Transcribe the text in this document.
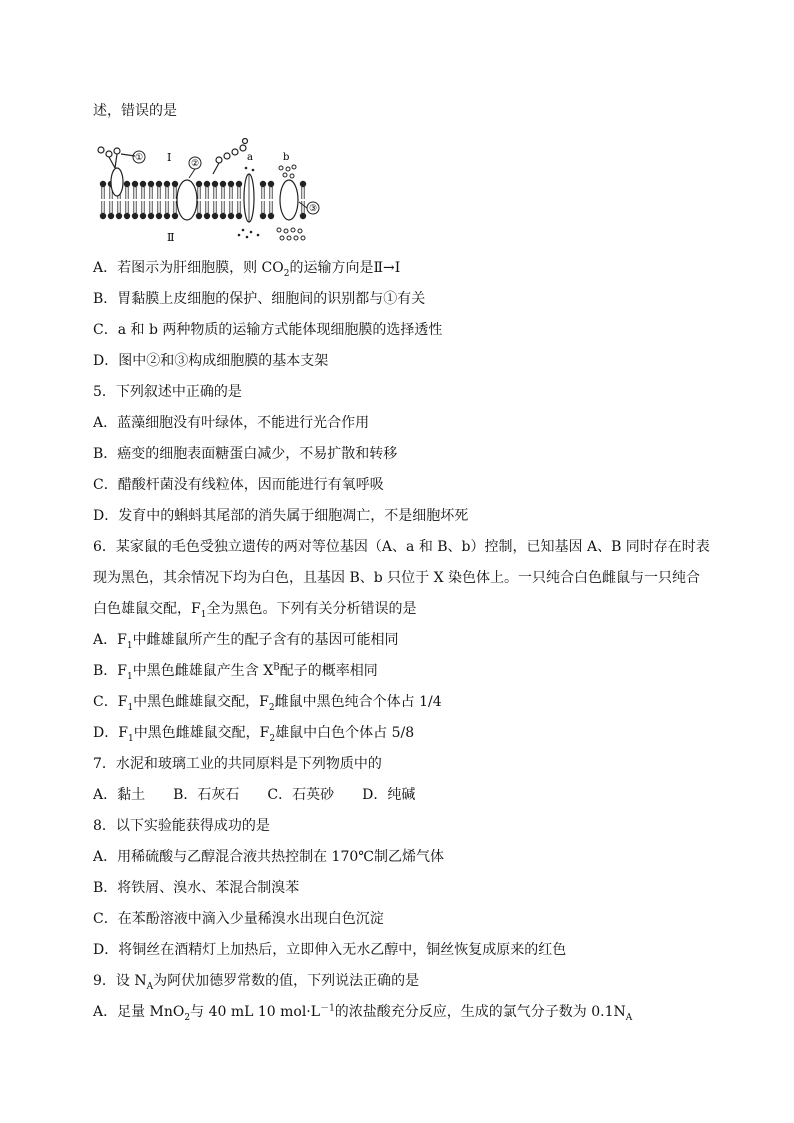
述，错误的是
① Ⅰ
Ⅱ
②
a	b
③
A．若图示为肝细胞膜，则 $CO_2$的运输方向是Ⅱ→Ⅰ
B．胃黏膜上皮细胞的保护、细胞间的识别都与①有关
C．a 和 b 两种物质的运输方式能体现细胞膜的选择透性
D．图中②和③构成细胞膜的基本支架
5．下列叙述中正确的是
A．蓝藻细胞没有叶绿体，不能进行光合作用
B．癌变的细胞表面糖蛋白减少，不易扩散和转移
C．醋酸杆菌没有线粒体，因而能进行有氧呼吸
D．发育中的蝌蚪其尾部的消失属于细胞凋亡，不是细胞坏死
6．某家鼠的毛色受独立遗传的两对等位基因（A、a 和 B、b）控制，已知基因 A、B 同时存在时表
现为黑色，其余情况下均为白色，且基因 B、b 只位于 X 染色体上。一只纯合白色雌鼠与一只纯合
白色雄鼠交配，$F_1$全为黑色。下列有关分析错误的是
A．$F_1$中雌雄鼠所产生的配子含有的基因可能相同
B．$F_1$中黑色雌雄鼠产生含 $X^B$配子的概率相同
C．$F_1$中黑色雌雄鼠交配，$F_2$雌鼠中黑色纯合个体占 1/4
D．$F_1$中黑色雌雄鼠交配，$F_2$雄鼠中白色个体占 5/8
7．水泥和玻璃工业的共同原料是下列物质中的
A．黏土　　B．石灰石　　C．石英砂　　D．纯碱
8．以下实验能获得成功的是
A．用稀硫酸与乙醇混合液共热控制在 170℃制乙烯气体
B．将铁屑、溴水、苯混合制溴苯
C．在苯酚溶液中滴入少量稀溴水出现白色沉淀
D．将铜丝在酒精灯上加热后，立即伸入无水乙醇中，铜丝恢复成原来的红色
9．设 $N_A$为阿伏加德罗常数的值，下列说法正确的是
A．足量 MnO$_2$与 40 mL 10 $mol\cdot L^{-1}$的浓盐酸充分反应，生成的氯气分子数为 $0.1N_A$
